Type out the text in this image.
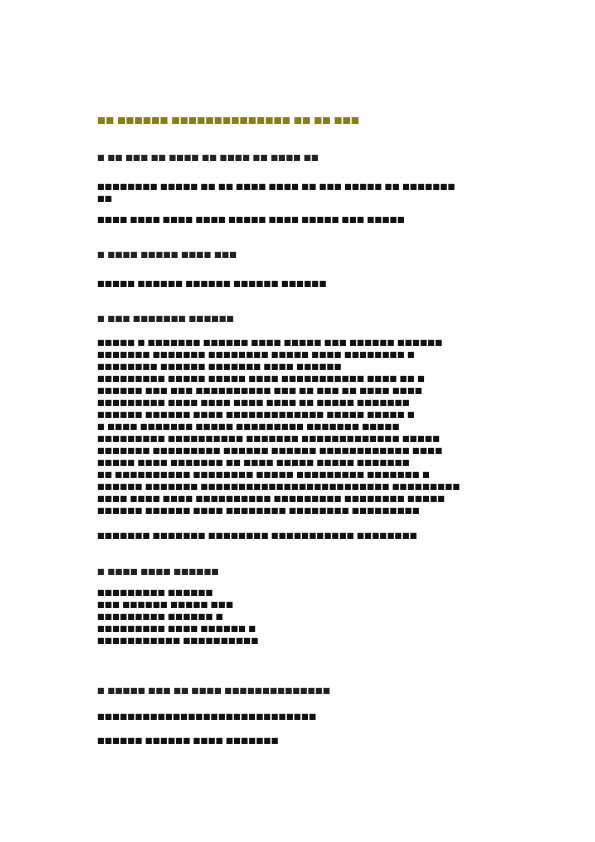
■■ ■■■■■■ ■■■■■■■■■■■■■■ ■■ ■■ ■■■
■ ■■ ■■■ ■■ ■■■■ ■■ ■■■■ ■■ ■■■■ ■■
■■■■■■■■ ■■■■■ ■■ ■■ ■■■■ ■■■■ ■■ ■■■ ■■■■■ ■■ ■■■■■■■
■■
■■■■ ■■■■ ■■■■ ■■■■ ■■■■■ ■■■■ ■■■■■ ■■■ ■■■■■
■ ■■■■ ■■■■■ ■■■■ ■■■
■■■■■ ■■■■■■ ■■■■■■ ■■■■■■ ■■■■■■
■ ■■■ ■■■■■■■ ■■■■■■
■■■■■ ■ ■■■■■■■ ■■■■■■ ■■■■ ■■■■■ ■■■ ■■■■■■ ■■■■■■
■■■■■■■ ■■■■■■■ ■■■■■■■■ ■■■■■ ■■■■ ■■■■■■■■ ■
■■■■■■■■ ■■■■■■ ■■■■■■■ ■■■■ ■■■■■■
■■■■■■■■■ ■■■■■ ■■■■■ ■■■■ ■■■■■■■■■■■ ■■■■ ■■ ■
■■■■■■ ■■■ ■■■ ■■■■■■■■■■ ■■■ ■■ ■■■ ■■ ■■■■ ■■■■
■■■■■■■■■ ■■■■ ■■■■ ■■■■ ■■■■ ■■ ■■■■■ ■■■■■■■
■■■■■■ ■■■■■■ ■■■■ ■■■■■■■■■■■■■ ■■■■■ ■■■■■ ■
■ ■■■■ ■■■■■■■ ■■■■■ ■■■■■■■■■ ■■■■■■■ ■■■■■
■■■■■■■■■ ■■■■■■■■■■ ■■■■■■■ ■■■■■■■■■■■■■ ■■■■■
■■■■■■■ ■■■■■■■■■ ■■■■■■ ■■■■■■ ■■■■■■■■■■■■ ■■■■
■■■■■ ■■■■ ■■■■■■■ ■■ ■■■■ ■■■■■ ■■■■■ ■■■■■■■
■■ ■■■■■■■■■■ ■■■■■■■■ ■■■■■ ■■■■■■■■■ ■■■■■■■ ■
■■■■■■ ■■■■■■■ ■■■■■■■■■■■■■■■■■■■■■■■■■ ■■■■■■■■■
■■■■ ■■■■ ■■■■ ■■■■■■■■■■ ■■■■■■■■■ ■■■■■■■■ ■■■■■
■■■■■■ ■■■■■■ ■■■■ ■■■■■■■■ ■■■■■■■■ ■■■■■■■■■
■■■■■■■ ■■■■■■■ ■■■■■■■■ ■■■■■■■■■■■ ■■■■■■■■
■ ■■■■ ■■■■ ■■■■■■
■■■■■■■■■ ■■■■■■
■■■ ■■■■■■ ■■■■■ ■■■
■■■■■■■■■ ■■■■■■ ■
■■■■■■■■■ ■■■■ ■■■■■■ ■
■■■■■■■■■■■ ■■■■■■■■■■
■ ■■■■■ ■■■ ■■ ■■■■ ■■■■■■■■■■■■■■
■■■■■■■■■■■■■■■■■■■■■■■■■■■■■
■■■■■■ ■■■■■■ ■■■■ ■■■■■■■
